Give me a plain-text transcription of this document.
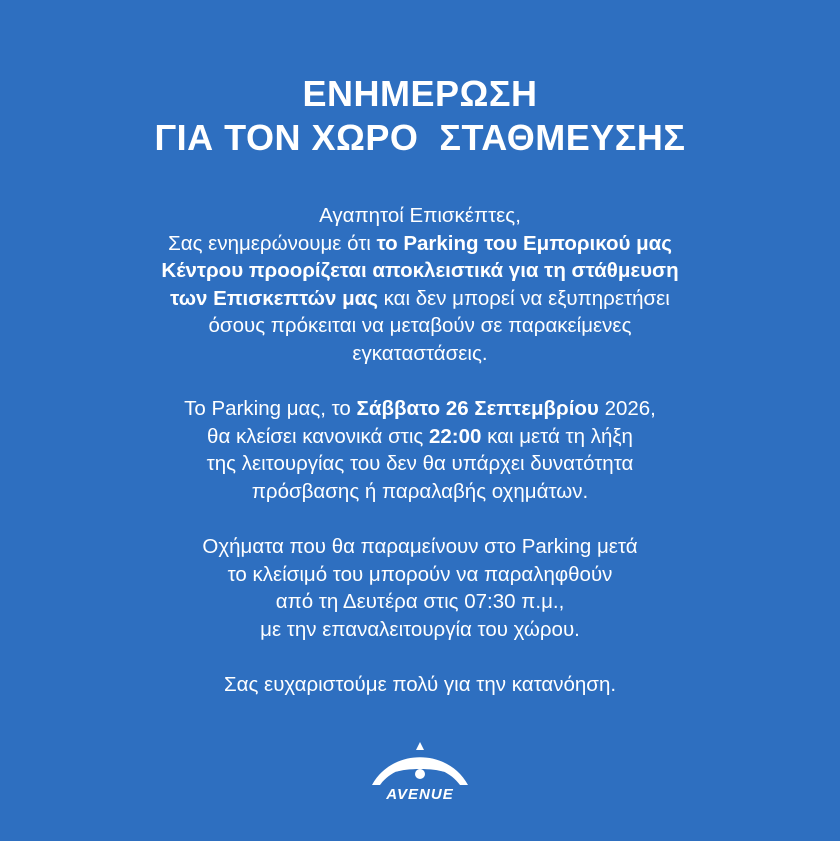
ΕΝΗΜΕΡΩΣΗ
ΓΙΑ ΤΟΝ ΧΩΡΟ  ΣΤΑΘΜΕΥΣΗΣ
Αγαπητοί Επισκέπτες,
Σας ενημερώνουμε ότι το Parking του Εμπορικού μας
Κέντρου προορίζεται αποκλειστικά για τη στάθμευση
των Επισκεπτών μας και δεν μπορεί να εξυπηρετήσει
όσους πρόκειται να μεταβούν σε παρακείμενες
εγκαταστάσεις.
Το Parking μας, το Σάββατο 26 Σεπτεμβρίου 2026,
θα κλείσει κανονικά στις 22:00 και μετά τη λήξη
της λειτουργίας του δεν θα υπάρχει δυνατότητα
πρόσβασης ή παραλαβής οχημάτων.
Οχήματα που θα παραμείνουν στο Parking μετά
το κλείσιμό του μπορούν να παραληφθούν
από τη Δευτέρα στις 07:30 π.μ.,
με την επαναλειτουργία του χώρου.
Σας ευχαριστούμε πολύ για την κατανόηση.
AVENUE
